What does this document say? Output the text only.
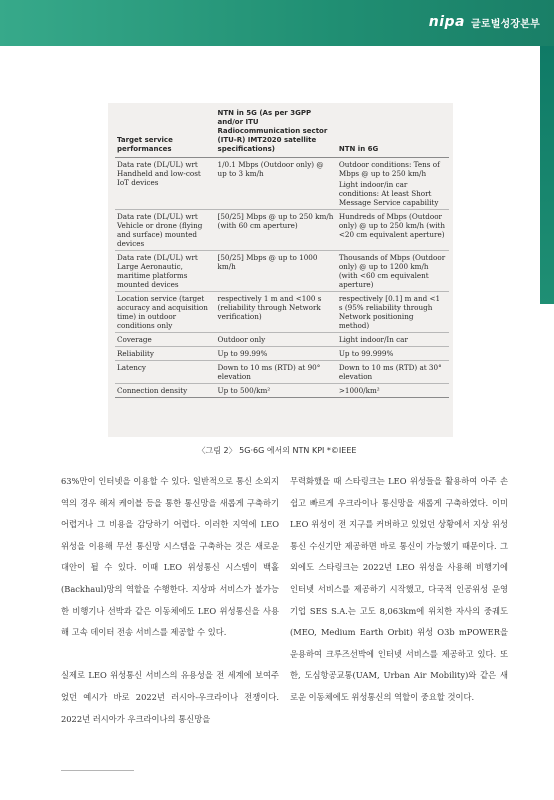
nipa 글로벌성장본부
Target service performances	NTN in 5G (As per 3GPP and/or ITU Radiocommunication sector (ITU-R) IMT2020 satellite specifications)	NTN in 6G
Data rate (DL/UL) wrt Handheld and low-cost IoT devices	1/0.1 Mbps (Outdoor only) @ up to 3 km/h	Outdoor conditions: Tens of Mbps @ up to 250 km/h
Light indoor/in car conditions: At least Short Message Service capability

Data rate (DL/UL) wrt Vehicle or drone (flying and surface) mounted devices	[50/25] Mbps @ up to 250 km/h (with 60 cm aperture)	Hundreds of Mbps (Outdoor only) @ up to 250 km/h (with <20 cm equivalent aperture)
Data rate (DL/UL) wrt Large Aeronautic, maritime platforms mounted devices	[50/25] Mbps @ up to 1000 km/h	Thousands of Mbps (Outdoor only) @ up to 1200 km/h (with <60 cm equivalent aperture)
Location service (target accuracy and acquisition time) in outdoor conditions only	respectively 1 m and <100 s (reliability through Network verification)	respectively [0.1] m and <1 s (95% reliability through Network positioning method)
Coverage	Outdoor only	Light indoor/In car
Reliability	Up to 99.99%	Up to 99.999%
Latency	Down to 10 ms (RTD) at 90° elevation	Down to 10 ms (RTD) at 30° elevation
Connection density	Up to 500/km²	>1000/km²
〈그림 2〉 5G·6G 에서의 NTN KPI *©IEEE

63%만이 인터넷을 이용할 수 있다. 일반적으로 통신 소외지역의 경우 해저 케이블 등을 통한 통신망을 새롭게 구축하기 어렵거나 그 비용을 감당하기 어렵다. 이러한 지역에 LEO 위성을 이용해 무선 통신망 시스템을 구축하는 것은 새로운 대안이 될 수 있다. 이때 LEO 위성통신 시스템이 백홀(Backhaul)망의 역할을 수행한다. 지상파 서비스가 불가능한 비행기나 선박과 같은 이동체에도 LEO 위성통신을 사용해 고속 데이터 전송 서비스를 제공할 수 있다.

실제로 LEO 위성통신 서비스의 유용성을 전 세계에 보여주었던 예시가 바로 2022년 러시아-우크라이나 전쟁이다. 2022년 러시아가 우크라이나의 통신망을

무력화했을 때 스타링크는 LEO 위성들을 활용하여 아주 손쉽고 빠르게 우크라이나 통신망을 새롭게 구축하였다. 이미 LEO 위성이 전 지구를 커버하고 있었던 상황에서 지상 위성통신 수신기만 제공하면 바로 통신이 가능했기 때문이다. 그 외에도 스타링크는 2022년 LEO 위성을 사용해 비행기에 인터넷 서비스를 제공하기 시작했고, 다국적 인공위성 운영 기업 SES S.A.는 고도 8,063km에 위치한 자사의 중궤도(MEO, Medium Earth Orbit) 위성 O3b mPOWER을 운용하여 크루즈선박에 인터넷 서비스를 제공하고 있다. 또한, 도심항공교통(UAM, Urban Air Mobility)와 같은 새로운 이동체에도 위성통신의 역할이 중요할 것이다.
